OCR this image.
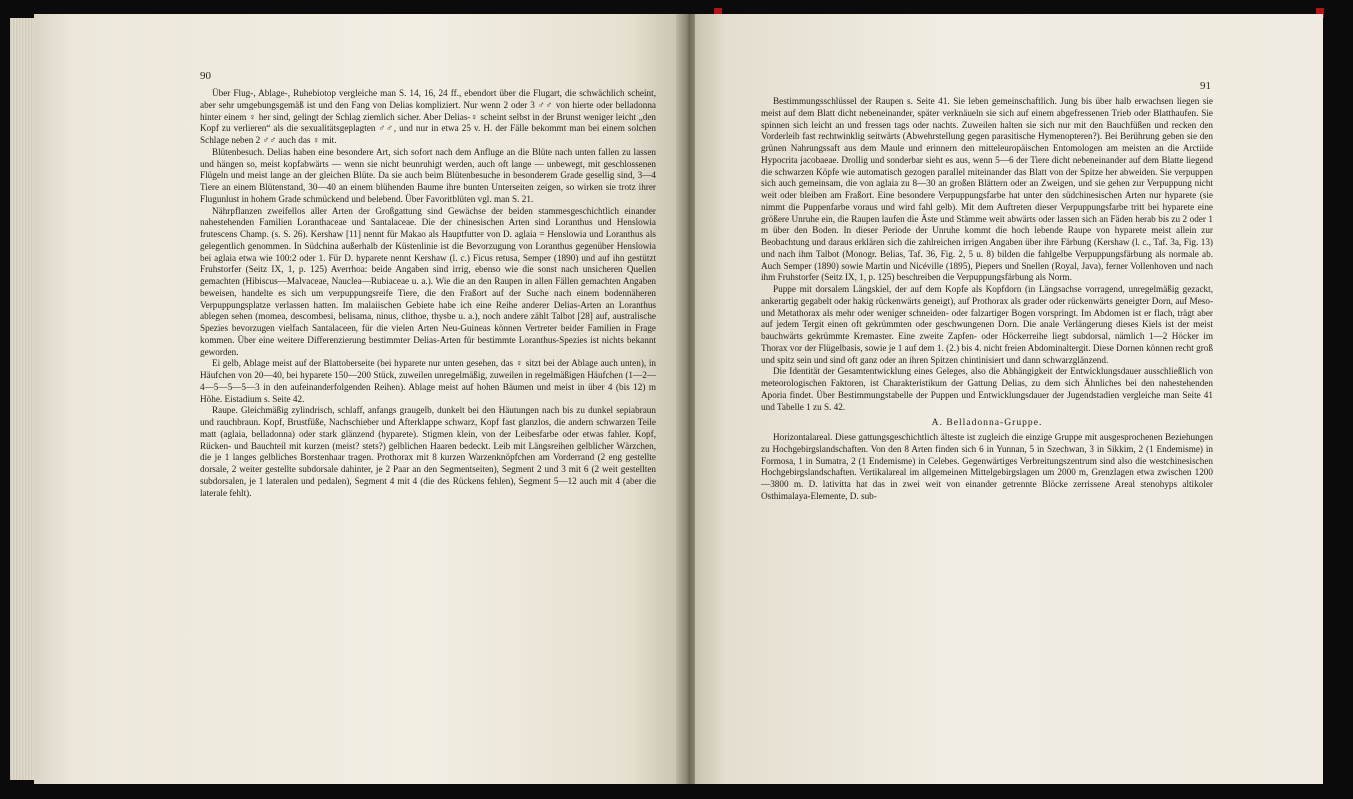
90

Über Flug-, Ablage-, Ruhebiotop vergleiche man S. 14, 16, 24 ff., ebendort über die Flugart, die schwächlich scheint, aber sehr umgebungsgemäß ist und den Fang von Delias kompliziert. Nur wenn 2 oder 3 ♂♂ von hierte oder belladonna hinter einem ♀ her sind, gelingt der Schlag ziemlich sicher. Aber Delias-♀ scheint selbst in der Brunst weniger leicht „den Kopf zu verlieren“ als die sexualitätsgeplagten ♂♂, und nur in etwa 25 v. H. der Fälle bekommt man bei einem solchen Schlage neben 2 ♂♂ auch das ♀ mit.

Blütenbesuch. Delias haben eine besondere Art, sich sofort nach dem Anfluge an die Blüte nach unten fallen zu lassen und hängen so, meist kopfabwärts — wenn sie nicht beunruhigt werden, auch oft lange — unbewegt, mit geschlossenen Flügeln und meist lange an der gleichen Blüte. Da sie auch beim Blütenbesuche in besonderem Grade gesellig sind, 3—4 Tiere an einem Blütenstand, 30—40 an einem blühenden Baume ihre bunten Unterseiten zeigen, so wirken sie trotz ihrer Flugunlust in hohem Grade schmückend und belebend. Über Favoritblüten vgl. man S. 21.

Nährpflanzen zweifellos aller Arten der Großgattung sind Gewächse der beiden stammesgeschichtlich einander nahestehenden Familien Loranthaceae und Santalaceae. Die der chinesischen Arten sind Loranthus und Henslowia frutescens Champ. (s. S. 26). Kershaw [11] nennt für Makao als Hauptfutter von D. aglaia = Henslowia und Loranthus als gelegentlich genommen. In Südchina außerhalb der Küstenlinie ist die Bevorzugung von Loranthus gegenüber Henslowia bei aglaia etwa wie 100:2 oder 1. Für D. hyparete nennt Kershaw (l. c.) Ficus retusa, Semper (1890) und auf ihn gestützt Fruhstorfer (Seitz IX, 1, p. 125) Averrhoa: beide Angaben sind irrig, ebenso wie die sonst nach unsicheren Quellen gemachten (Hibiscus—Malvaceae, Nauclea—Rubiaceae u. a.). Wie die an den Raupen in allen Fällen gemachten Angaben beweisen, handelte es sich um verpuppungsreife Tiere, die den Fraßort auf der Suche nach einem bodennäheren Verpuppungsplatze verlassen hatten. Im malaiischen Gebiete habe ich eine Reihe anderer Delias-Arten an Loranthus ablegen sehen (momea, descombesi, belisama, ninus, clithoe, thysbe u. a.), noch andere zählt Talbot [28] auf, australische Spezies bevorzugen vielfach Santalaceen, für die vielen Arten Neu-Guineas können Vertreter beider Familien in Frage kommen. Über eine weitere Differenzierung bestimmter Delias-Arten für bestimmte Loranthus-Spezies ist nichts bekannt geworden.

Ei gelb, Ablage meist auf der Blattoberseite (bei hyparete nur unten gesehen, das ♀ sitzt bei der Ablage auch unten), in Häufchen von 20—40, bei hyparete 150—200 Stück, zuweilen unregelmäßig, zuweilen in regelmäßigen Häufchen (1—2—4—5—5—5—3 in den aufeinanderfolgenden Reihen). Ablage meist auf hohen Bäumen und meist in über 4 (bis 12) m Höhe. Eistadium s. Seite 42.

Raupe. Gleichmäßig zylindrisch, schlaff, anfangs graugelb, dunkelt bei den Häutungen nach bis zu dunkel sepiabraun und rauchbraun. Kopf, Brustfüße, Nachschieber und Afterklappe schwarz, Kopf fast glanzlos, die andern schwarzen Teile matt (aglaia, belladonna) oder stark glänzend (hyparete). Stigmen klein, von der Leibesfarbe oder etwas fahler. Kopf, Rücken- und Bauchteil mit kurzen (meist? stets?) gelblichen Haaren bedeckt. Leib mit Längsreihen gelblicher Wärzchen, die je 1 langes gelbliches Borstenhaar tragen. Prothorax mit 8 kurzen Warzenknöpfchen am Vorderrand (2 eng gestellte dorsale, 2 weiter gestellte subdorsale dahinter, je 2 Paar an den Segmentseiten), Segment 2 und 3 mit 6 (2 weit gestellten subdorsalen, je 1 lateralen und pedalen), Segment 4 mit 4 (die des Rückens fehlen), Segment 5—12 auch mit 4 (aber die laterale fehlt).

91

Bestimmungsschlüssel der Raupen s. Seite 41. Sie leben gemeinschaftlich. Jung bis über halb erwachsen liegen sie meist auf dem Blatt dicht nebeneinander, später verknäueln sie sich auf einem abgefressenen Trieb oder Blatthaufen. Sie spinnen sich leicht an und fressen tags oder nachts. Zuweilen halten sie sich nur mit den Bauchfüßen und recken den Vorderleib fast rechtwinklig seitwärts (Abwehrstellung gegen parasitische Hymenopteren?). Bei Berührung geben sie den grünen Nahrungssaft aus dem Maule und erinnern den mitteleuropäischen Entomologen am meisten an die Arctiide Hypocrita jacobaeae. Drollig und sonderbar sieht es aus, wenn 5—6 der Tiere dicht nebeneinander auf dem Blatte liegend die schwarzen Köpfe wie automatisch gezogen parallel miteinander das Blatt von der Spitze her abweiden. Sie verpuppen sich auch gemeinsam, die von aglaia zu 8—30 an großen Blättern oder an Zweigen, und sie gehen zur Verpuppung nicht weit oder bleiben am Fraßort. Eine besondere Verpuppungsfarbe hat unter den südchinesischen Arten nur hyparete (sie nimmt die Puppenfarbe voraus und wird fahl gelb). Mit dem Auftreten dieser Verpuppungsfarbe tritt bei hyparete eine größere Unruhe ein, die Raupen laufen die Äste und Stämme weit abwärts oder lassen sich an Fäden herab bis zu 2 oder 1 m über den Boden. In dieser Periode der Unruhe kommt die hoch lebende Raupe von hyparete meist allein zur Beobachtung und daraus erklären sich die zahlreichen irrigen Angaben über ihre Färbung (Kershaw (l. c., Taf. 3a, Fig. 13) und nach ihm Talbot (Monogr. Belias, Taf. 36, Fig. 2, 5 u. 8) bilden die fahlgelbe Verpuppungsfärbung als normale ab. Auch Semper (1890) sowie Martin und Nicéville (1895), Piepers und Snellen (Royal, Java), ferner Vollenhoven und nach ihm Fruhstorfer (Seitz IX, 1, p. 125) beschreiben die Verpuppungsfärbung als Norm.

Puppe mit dorsalem Längskiel, der auf dem Kopfe als Kopfdorn (in Längsachse vorragend, unregelmäßig gezackt, ankerartig gegabelt oder hakig rückenwärts geneigt), auf Prothorax als grader oder rückenwärts geneigter Dorn, auf Meso- und Metathorax als mehr oder weniger schneiden- oder falzartiger Bogen vorspringt. Im Abdomen ist er flach, trägt aber auf jedem Tergit einen oft gekrümmten oder geschwungenen Dorn. Die anale Verlängerung dieses Kiels ist der meist bauchwärts gekrümmte Kremaster. Eine zweite Zapfen- oder Höckerreihe liegt subdorsal, nämlich 1—2 Höcker im Thorax vor der Flügelbasis, sowie je 1 auf dem 1. (2.) bis 4. nicht freien Abdominaltergit. Diese Dornen können recht groß und spitz sein und sind oft ganz oder an ihren Spitzen chintinisiert und dann schwarzglänzend.

Die Identität der Gesamtentwicklung eines Geleges, also die Abhängigkeit der Entwicklungsdauer ausschließlich von meteorologischen Faktoren, ist Charakteristikum der Gattung Delias, zu dem sich Ähnliches bei den nahestehenden Aporia findet. Über Bestimmungstabelle der Puppen und Entwicklungsdauer der Jugendstadien vergleiche man Seite 41 und Tabelle 1 zu S. 42.

A. Belladonna-Gruppe.

Horizontalareal. Diese gattungsgeschichtlich älteste ist zugleich die einzige Gruppe mit ausgesprochenen Beziehungen zu Hochgebirgslandschaften. Von den 8 Arten finden sich 6 in Yunnan, 5 in Szechwan, 3 in Sikkim, 2 (1 Endemisme) in Formosa, 1 in Sumatra, 2 (1 Endemisme) in Celebes. Gegenwärtiges Verbreitungszentrum sind also die westchinesischen Hochgebirgslandschaften. Vertikalareal im allgemeinen Mittelgebirgslagen um 2000 m, Grenzlagen etwa zwischen 1200—3800 m. D. lativitta hat das in zwei weit von einander getrennte Blöcke zerrissene Areal stenohyps altikoler Osthimalaya-Elemente, D. sub-
